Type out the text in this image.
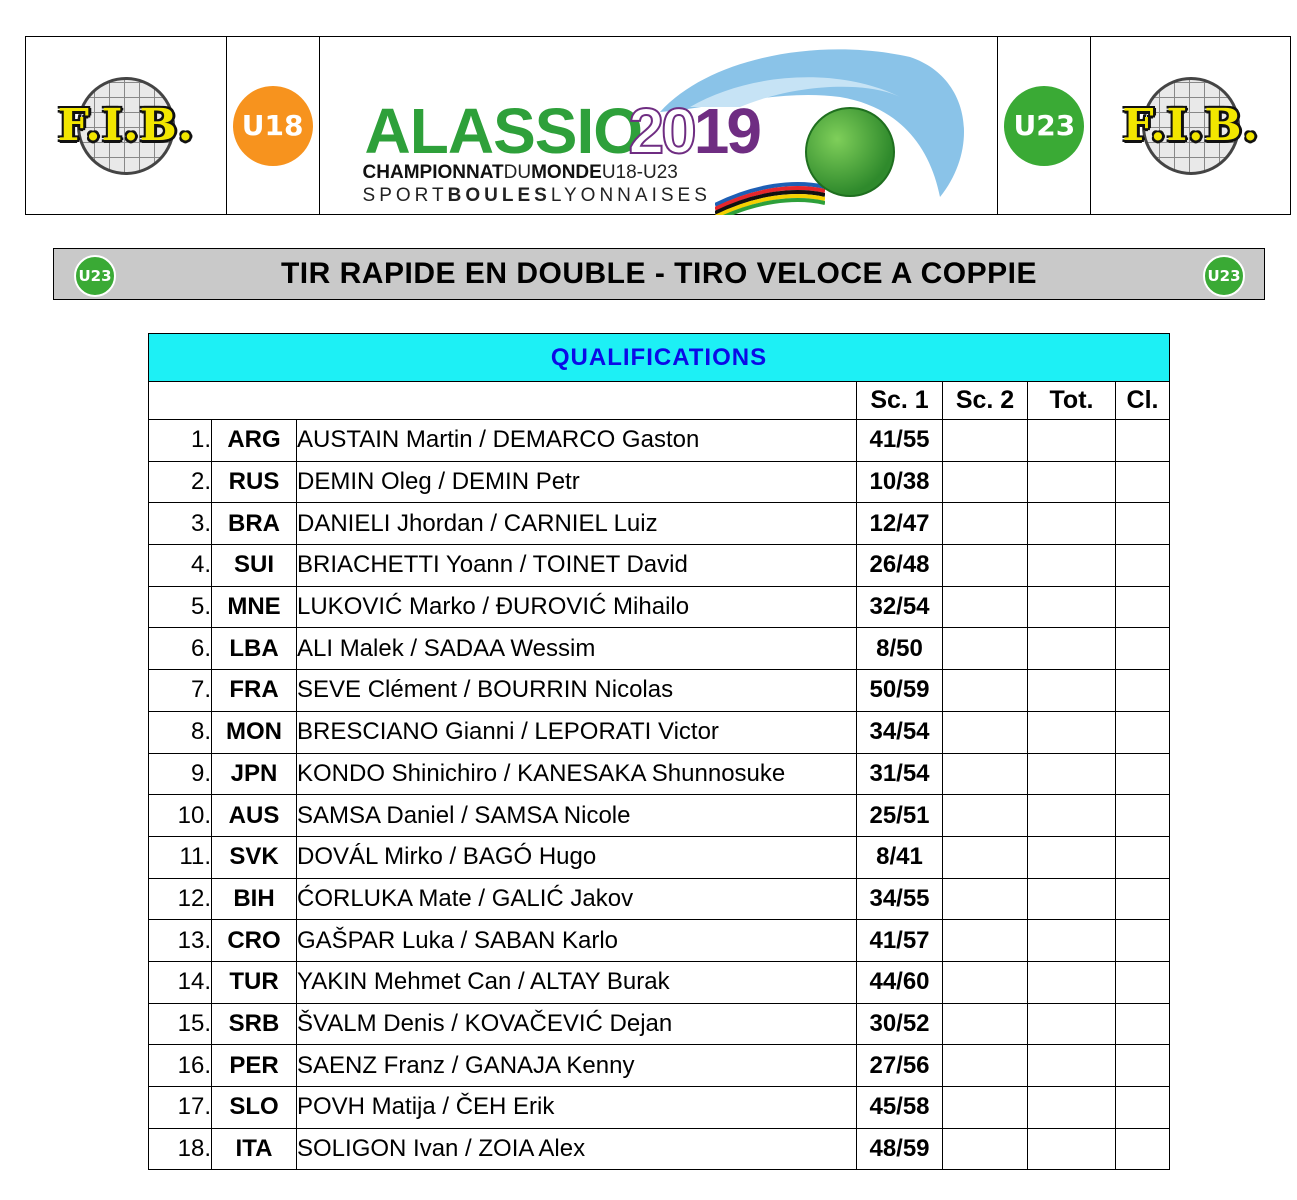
F.I.B.	U18 ALASSIO
2019
CHAMPIONNATDUMONDEU18-U23
SPORTBOULESLYONNAISES
U23 F.I.B.
U23	TIR RAPIDE EN DOUBLE - TIRO VELOCE A COPPIE	U23
QUALIFICATIONS						
			Sc. 1	Sc. 2	Tot.	Cl.
1.	ARG	AUSTAIN Martin / DEMARCO Gaston	41/55			
2.	RUS	DEMIN Oleg / DEMIN Petr	10/38			
3.	BRA	DANIELI Jhordan / CARNIEL Luiz	12/47			
4.	SUI	BRIACHETTI Yoann / TOINET David	26/48			
5.	MNE	LUKOVIĆ Marko / ĐUROVIĆ Mihailo	32/54			
6.	LBA	ALI Malek / SADAA Wessim	8/50			
7.	FRA	SEVE Clément / BOURRIN Nicolas	50/59			
8.	MON	BRESCIANO Gianni / LEPORATI Victor	34/54			
9.	JPN	KONDO Shinichiro / KANESAKA Shunnosuke	31/54			
10.	AUS	SAMSA Daniel / SAMSA Nicole	25/51			
11.	SVK	DOVÁL Mirko / BAGÓ Hugo	8/41			
12.	BIH	ĆORLUKA Mate / GALIĆ Jakov	34/55			
13.	CRO	GAŠPAR Luka / SABAN Karlo	41/57			
14.	TUR	YAKIN Mehmet Can / ALTAY Burak	44/60			
15.	SRB	ŠVALM Denis / KOVAČEVIĆ Dejan	30/52			
16.	PER	SAENZ Franz / GANAJA Kenny	27/56			
17.	SLO	POVH Matija / ČEH Erik	45/58			
18.	ITA	SOLIGON Ivan / ZOIA Alex	48/59			
